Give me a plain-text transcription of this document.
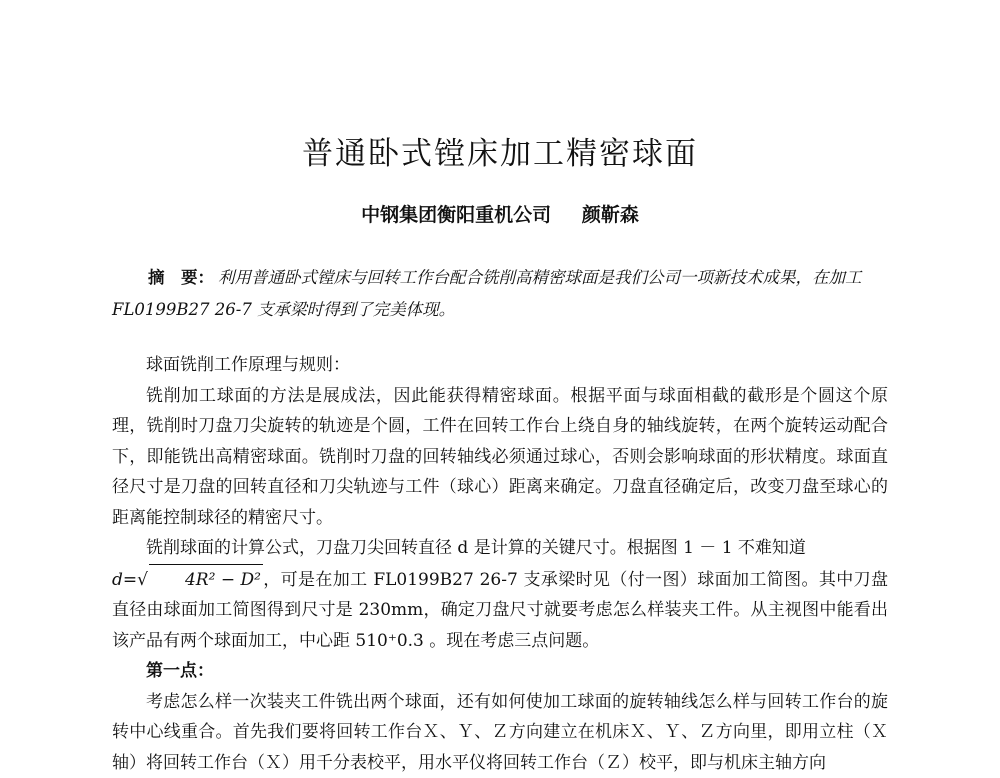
普通卧式镗床加工精密球面
中钢集团衡阳重机公司 颜靳森
摘　要： 利用普通卧式镗床与回转工作台配合铣削高精密球面是我们公司一项新技术成果，在加工 FL0199B27 26-7 支承梁时得到了完美体现。

球面铣削工作原理与规则：

铣削加工球面的方法是展成法，因此能获得精密球面。根据平面与球面相截的截形是个圆这个原理，铣削时刀盘刀尖旋转的轨迹是个圆，工件在回转工作台上绕自身的轴线旋转，在两个旋转运动配合下，即能铣出高精密球面。铣削时刀盘的回转轴线必须通过球心，否则会影响球面的形状精度。球面直径尺寸是刀盘的回转直径和刀尖轨迹与工件（球心）距离来确定。刀盘直径确定后，改变刀盘至球心的距离能控制球径的精密尺寸。

铣削球面的计算公式，刀盘刀尖回转直径 d 是计算的关键尺寸。根据图 1 － 1 不难知道
d=√ 4R² − D² ，可是在加工 FL0199B27 26-7 支承梁时见（付一图）球面加工简图。其中刀盘直径由球面加工简图得到尺寸是 230mm，确定刀盘尺寸就要考虑怎么样装夹工件。从主视图中能看出该产品有两个球面加工，中心距 510⁺0.3 。现在考虑三点问题。

第一点：

考虑怎么样一次装夹工件铣出两个球面，还有如何使加工球面的旋转轴线怎么样与回转工作台的旋转中心线重合。首先我们要将回转工作台Ｘ、Ｙ、Ｚ方向建立在机床Ｘ、Ｙ、Ｚ方向里，即用立柱（Ｘ轴）将回转工作台（Ｘ）用千分表校平，用水平仪将回转工作台（Ｚ）校平，即与机床主轴方向
